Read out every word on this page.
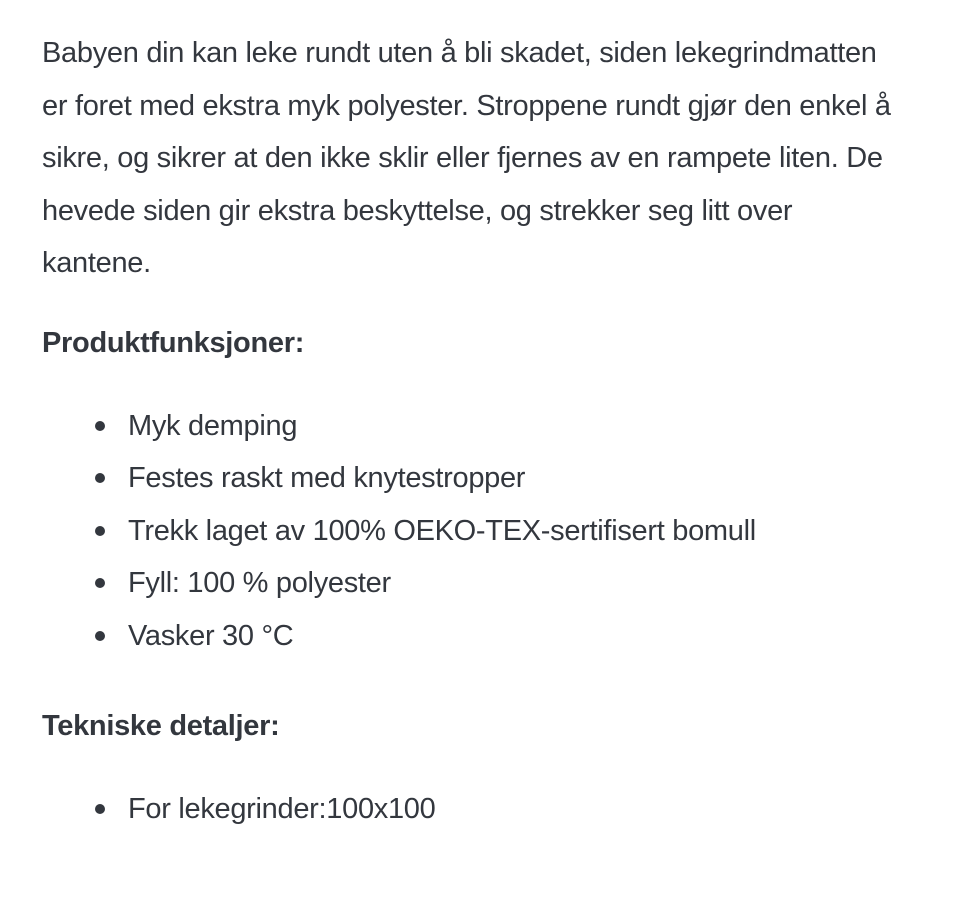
Babyen din kan leke rundt uten å bli skadet, siden lekegrindmatten er foret med ekstra myk polyester. Stroppene rundt gjør den enkel å sikre, og sikrer at den ikke sklir eller fjernes av en rampete liten. De hevede siden gir ekstra beskyttelse, og strekker seg litt over kantene.

Produktfunksjoner:
Myk demping
Festes raskt med knytestropper
Trekk laget av 100% OEKO-TEX-sertifisert bomull
Fyll: 100 % polyester
Vasker 30 °C
Tekniske detaljer:
For lekegrinder:100x100
